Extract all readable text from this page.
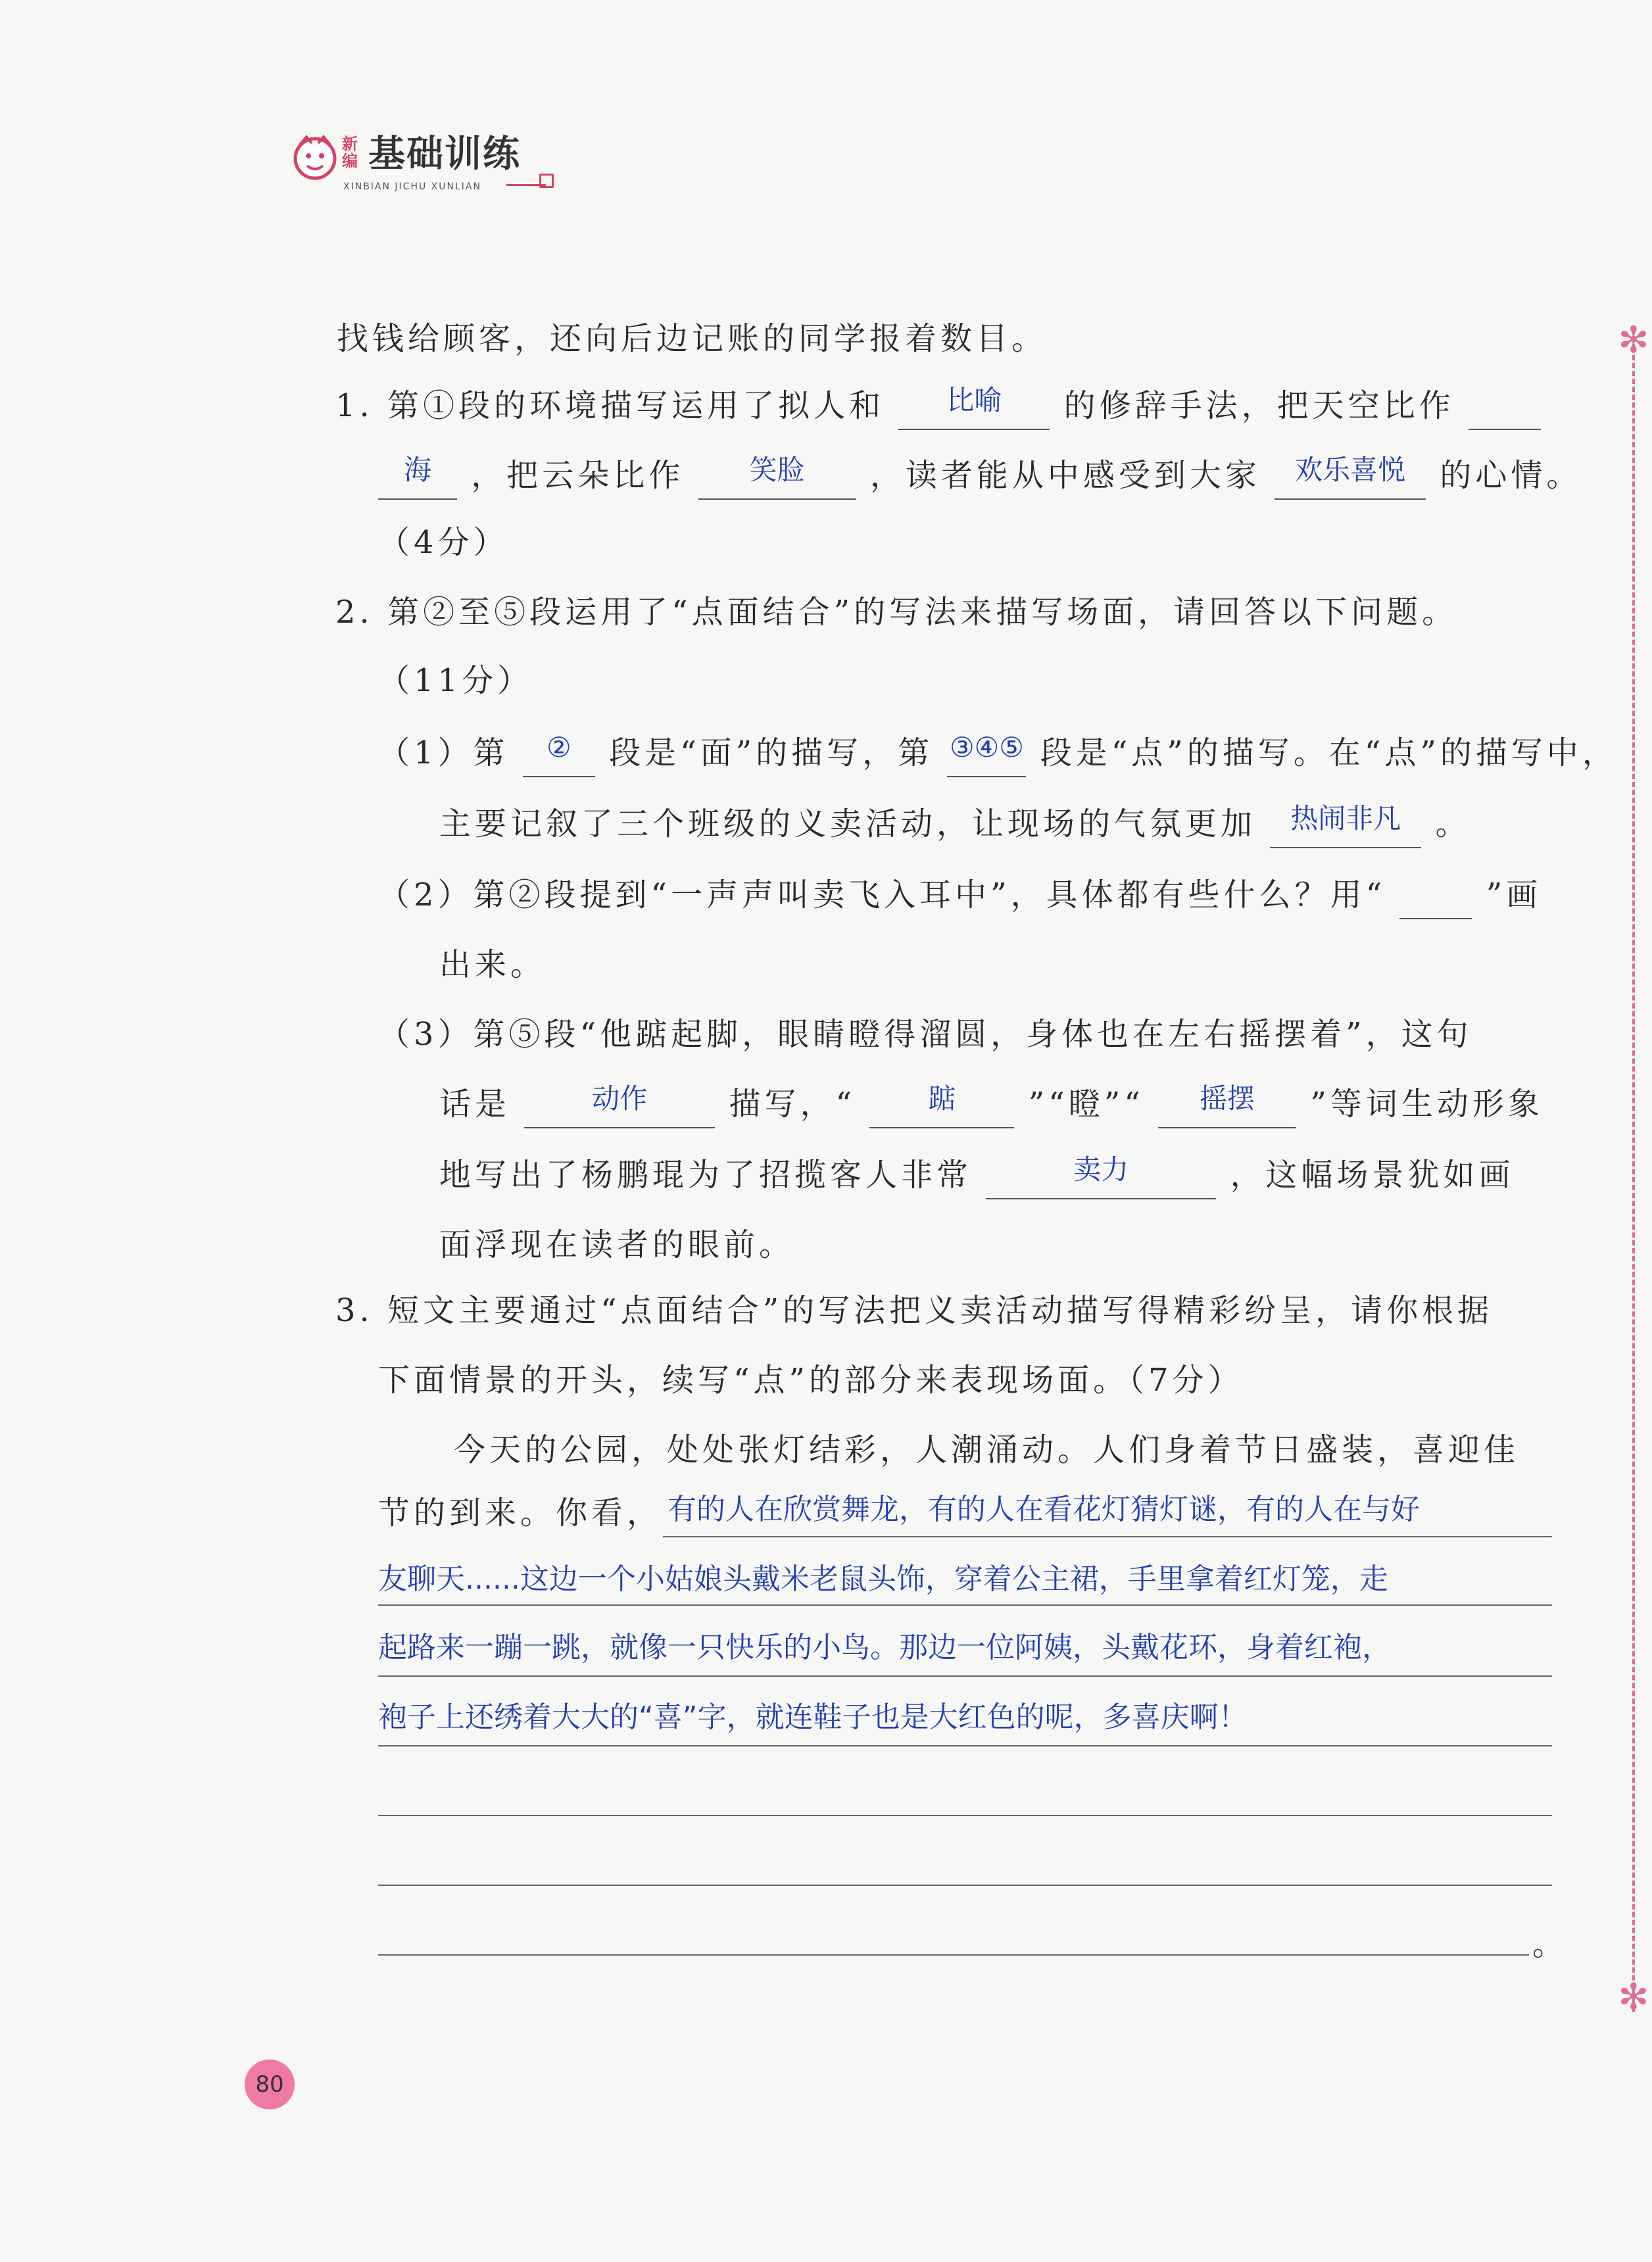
新编 基础训练
XINBIAN JICHU XUNLIAN
✻
✻
找钱给顾客，还向后边记账的同学报着数目。
1. 第①段的环境描写运用了拟人和	比喻	的修辞手法，把天空比作
海	，把云朵比作	笑脸	，读者能从中感受到大家	欢乐喜悦	的心情。
（4分）
2. 第②至⑤段运用了“点面结合”的写法来描写场面，请回答以下问题。
（11分）
（1）第	②	段是“面”的描写，第 ③④⑤ 段是“点”的描写。在“点”的描写中，
主要记叙了三个班级的义卖活动，让现场的气氛更加	热闹非凡	。
（2）第②段提到“一声声叫卖飞入耳中”，具体都有些什么？用“	”画
出来。
（3）第⑤段“他踮起脚，眼睛瞪得溜圆，身体也在左右摇摆着”，这句
话是	动作	描写，“	踮	”“瞪”“	摇摆	”等词生动形象
地写出了杨鹏琨为了招揽客人非常	卖力	，这幅场景犹如画
面浮现在读者的眼前。
3. 短文主要通过“点面结合”的写法把义卖活动描写得精彩纷呈，请你根据
下面情景的开头，续写“点”的部分来表现场面。（7分）
今天的公园，处处张灯结彩，人潮涌动。人们身着节日盛装，喜迎佳
节的到来。你看， 有的人在欣赏舞龙，有的人在看花灯猜灯谜，有的人在与好
友聊天......这边一个小姑娘头戴米老鼠头饰，穿着公主裙，手里拿着红灯笼，走
起路来一蹦一跳，就像一只快乐的小鸟。那边一位阿姨，头戴花环，身着红袍，
袍子上还绣着大大的“喜”字，就连鞋子也是大红色的呢，多喜庆啊！
。
80
